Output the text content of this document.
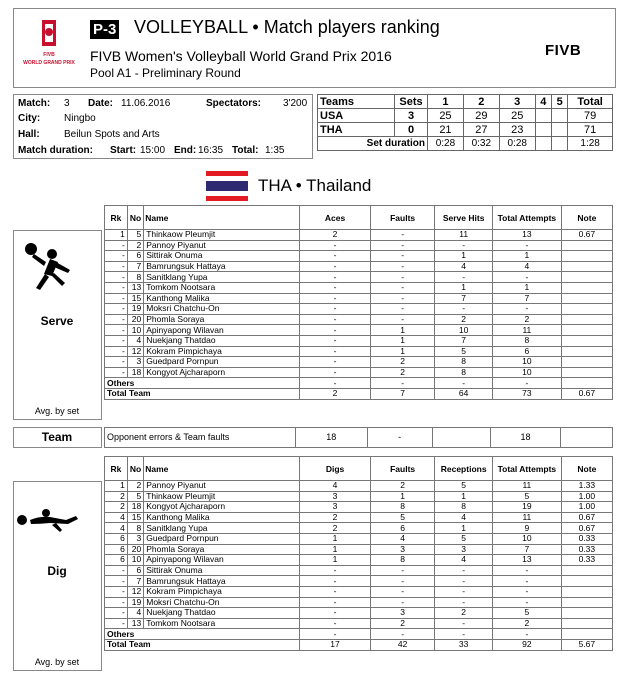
FIVB
WORLD GRAND PRIX
P-3 VOLLEYBALL • Match players ranking
FIVB Women's Volleyball World Grand Prix 2016
Pool A1 - Preliminary Round
FIVB
Match: 3 Date: 11.06.2016	Spectators: 3'200
City: Ningbo
Hall: Beilun Spots and Arts
Match duration: Start: 15:00 End: 16:35 Total: 1:35
Teams	Sets	1	2	3	4	5	Total
USA	3	25	29	25			79
THA	0	21	27	23			71
Set duration		0:28	0:32	0:28			1:28
THA • Thailand
Serve
Avg. by set
Rk	No	Name	Aces	Faults	Serve Hits	Total Attempts	Note
1	5	Thinkaow Pleumjit	2	-	11	13	0.67
-	2	Pannoy Piyanut	-	-	-	-	
-	6	Sittirak Onuma	-	-	1	1	
-	7	Bamrungsuk Hattaya	-	-	4	4	
-	8	Sanitklang Yupa	-	-	-	-	
-	13	Tomkom Nootsara	-	-	1	1	
-	15	Kanthong Malika	-	-	7	7	
-	19	Moksri Chatchu-On	-	-	-	-	
-	20	Phomla Soraya	-	-	2	2	
-	10	Apinyapong Wilavan	-	1	10	11	
-	4	Nuekjang Thatdao	-	1	7	8	
-	12	Kokram Pimpichaya	-	1	5	6	
-	3	Guedpard Pornpun	-	2	8	10	
-	18	Kongyot Ajcharaporn	-	2	8	10	
Others			-	-	-	-	
Total Team			2	7	64	73	0.67
Team	Opponent errors & Team faults	18	-		18	
Dig
Avg. by set
Rk	No	Name	Digs	Faults	Receptions	Total Attempts	Note
1	2	Pannoy Piyanut	4	2	5	11	1.33
2	5	Thinkaow Pleumjit	3	1	1	5	1.00
2	18	Kongyot Ajcharaporn	3	8	8	19	1.00
4	15	Kanthong Malika	2	5	4	11	0.67
4	8	Sanitklang Yupa	2	6	1	9	0.67
6	3	Guedpard Pornpun	1	4	5	10	0.33
6	20	Phomla Soraya	1	3	3	7	0.33
6	10	Apinyapong Wilavan	1	8	4	13	0.33
-	6	Sittirak Onuma	-	-	-	-	
-	7	Bamrungsuk Hattaya	-	-	-	-	
-	12	Kokram Pimpichaya	-	-	-	-	
-	19	Moksri Chatchu-On	-	-	-	-	
-	4	Nuekjang Thatdao	-	3	2	5	
-	13	Tomkom Nootsara	-	2	-	2	
Others			-	-	-	-	
Total Team			17	42	33	92	5.67
